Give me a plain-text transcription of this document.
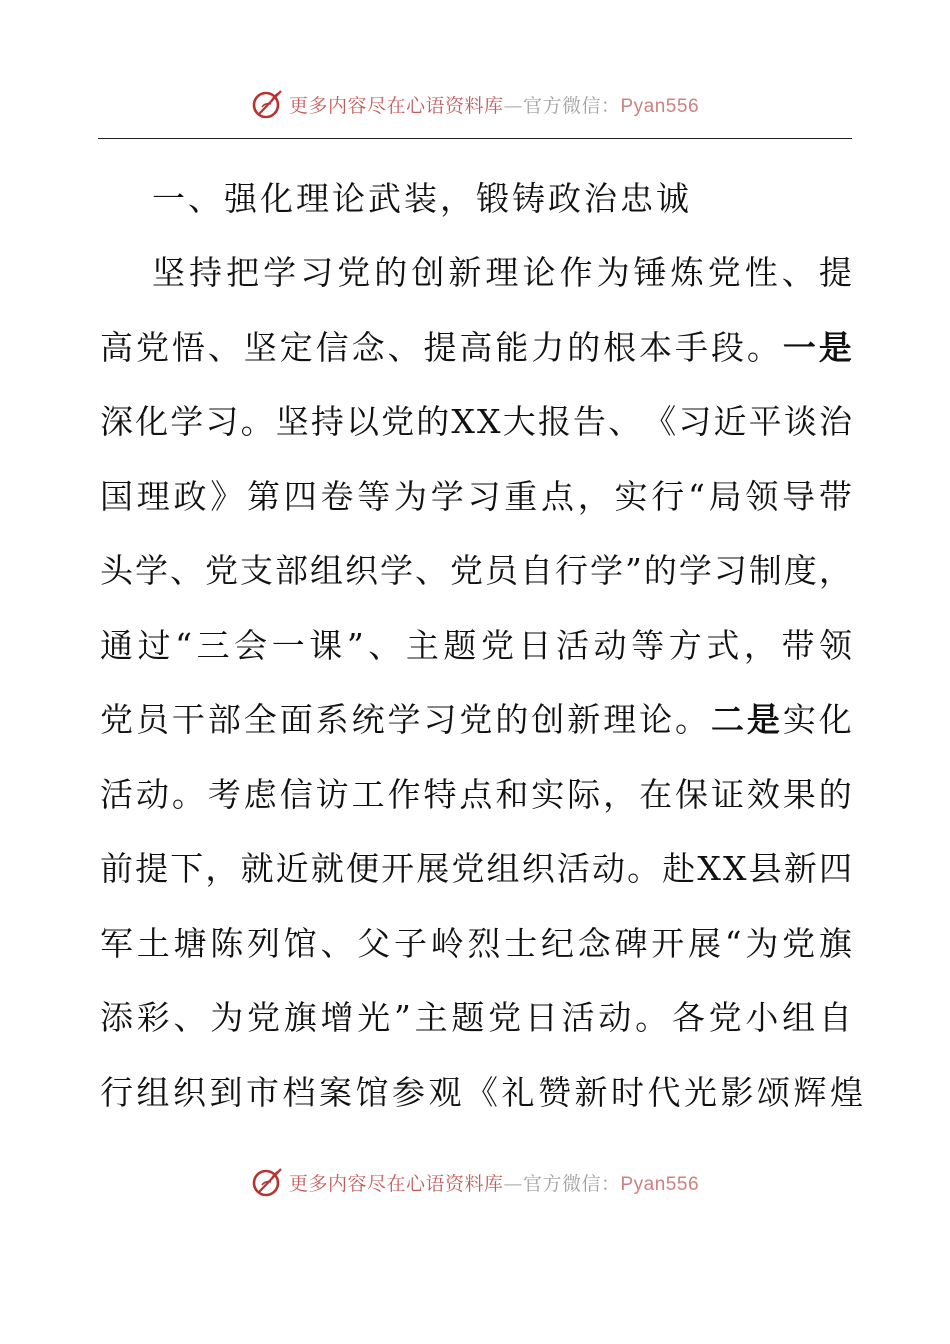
更多内容尽在心语资料库—官方微信：Pyan556
一、强化理论武装，锻铸政治忠诚
坚 持 把 学 习 党 的 创 新 理 论 作 为 锤 炼 党 性 、 提
高 党 悟 、 坚 定 信 念 、 提 高 能 力 的 根 本 手 段 。 一 是
深 化 学 习 。 坚 持 以 党 的 X X 大 报 告 、 《 习 近 平 谈 治
国 理 政 》 第 四 卷 等 为 学 习 重 点 ， 实 行 “ 局 领 导 带
头 学 、 党 支 部 组 织 学 、 党 员 自 行 学 ” 的 学 习 制 度 ，
通 过 “ 三 会 一 课 ” 、 主 题 党 日 活 动 等 方 式 ， 带 领
党 员 干 部 全 面 系 统 学 习 党 的 创 新 理 论 。 二 是 实 化
活 动 。 考 虑 信 访 工 作 特 点 和 实 际 ， 在 保 证 效 果 的
前 提 下 ， 就 近 就 便 开 展 党 组 织 活 动 。 赴 X X 县 新 四
军 土 塘 陈 列 馆 、 父 子 岭 烈 士 纪 念 碑 开 展 “ 为 党 旗
添 彩 、 为 党 旗 增 光 ” 主 题 党 日 活 动 。 各 党 小 组 自
行 组 织 到 市 档 案 馆 参 观 《 礼 赞 新 时 代 光 影 颂 辉 煌
更多内容尽在心语资料库—官方微信：Pyan556
